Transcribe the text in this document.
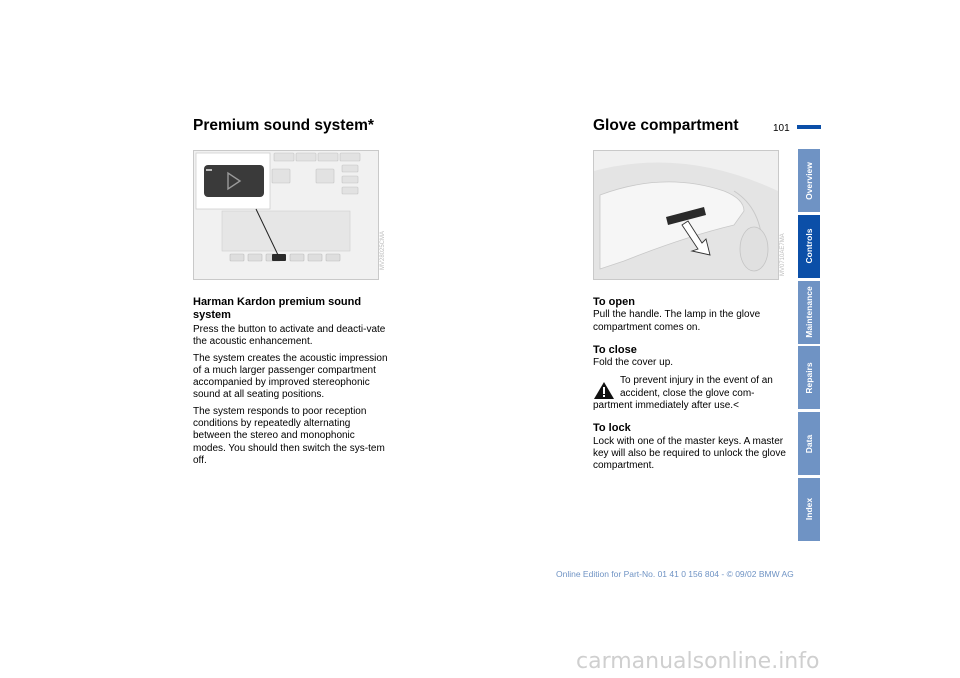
Premium sound system*	Glove compartment	101
MV28025CMA	MV0710AE7MA
Harman Kardon premium sound system

Press the button to activate and deacti-vate the acoustic enhancement.

The system creates the acoustic impression of a much larger passenger compartment accompanied by improved stereophonic sound at all seating positions.

The system responds to poor reception conditions by repeatedly alternating between the stereo and monophonic modes. You should then switch the sys-tem off.

To open

Pull the handle. The lamp in the glove compartment comes on.

To close

Fold the cover up.

To prevent injury in the event of an
accident, close the glove com-
partment immediately after use.<
To lock

Lock with one of the master keys. A master key will also be required to unlock the glove compartment.

Overview
Controls
Maintenance
Repairs
Data
Index
Online Edition for Part-No. 01 41 0 156 804 - © 09/02 BMW AG
carmanualsonline.info
